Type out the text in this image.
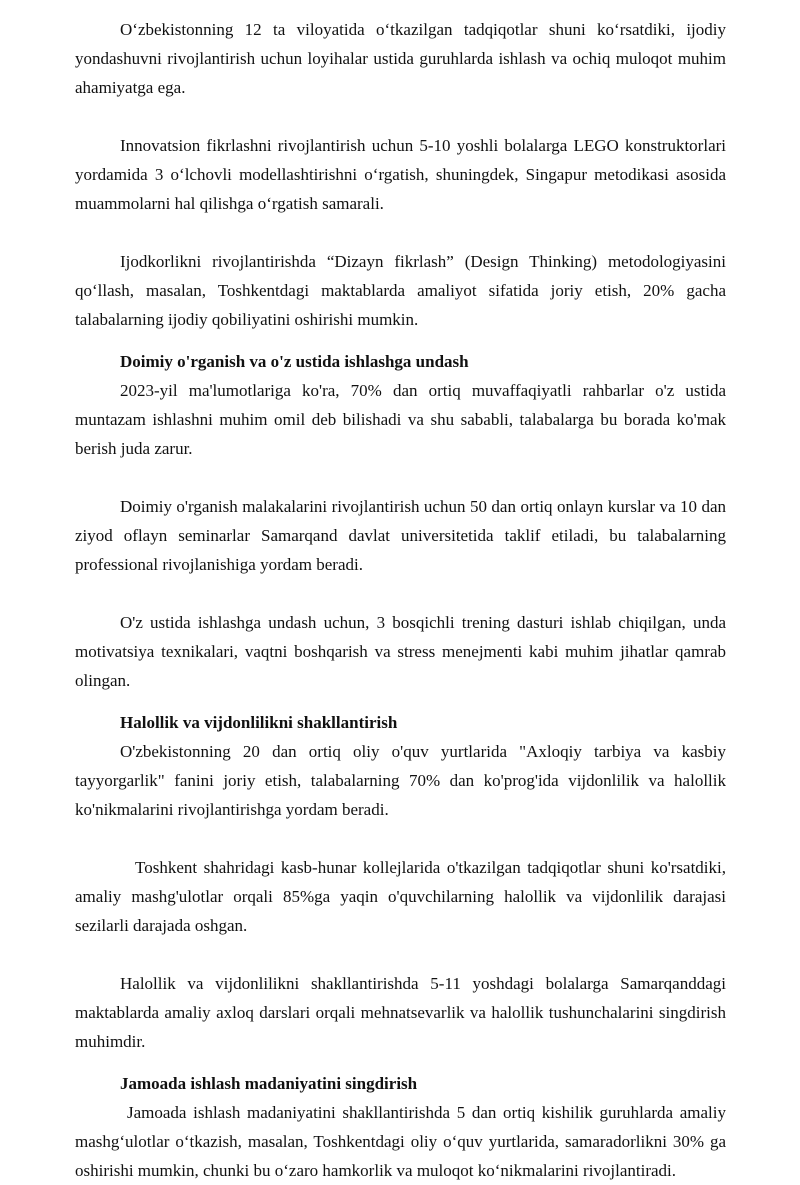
O‘zbekistonning 12 ta viloyatida o‘tkazilgan tadqiqotlar shuni ko‘rsatdiki, ijodiy yondashuvni rivojlantirish uchun loyihalar ustida guruhlarda ishlash va ochiq muloqot muhim ahamiyatga ega.

Innovatsion fikrlashni rivojlantirish uchun 5-10 yoshli bolalarga LEGO konstruktorlari yordamida 3 o‘lchovli modellashtirishni o‘rgatish, shuningdek, Singapur metodikasi asosida muammolarni hal qilishga o‘rgatish samarali.

Ijodkorlikni rivojlantirishda “Dizayn fikrlash” (Design Thinking) metodologiyasini qo‘llash, masalan, Toshkentdagi maktablarda amaliyot sifatida joriy etish, 20% gacha talabalarning ijodiy qobiliyatini oshirishi mumkin.

Doimiy o'rganish va o'z ustida ishlashga undash

2023-yil ma'lumotlariga ko'ra, 70% dan ortiq muvaffaqiyatli rahbarlar o'z ustida muntazam ishlashni muhim omil deb bilishadi va shu sababli, talabalarga bu borada ko'mak berish juda zarur.

Doimiy o'rganish malakalarini rivojlantirish uchun 50 dan ortiq onlayn kurslar va 10 dan ziyod oflayn seminarlar Samarqand davlat universitetida taklif etiladi, bu talabalarning professional rivojlanishiga yordam beradi.

O'z ustida ishlashga undash uchun, 3 bosqichli trening dasturi ishlab chiqilgan, unda motivatsiya texnikalari, vaqtni boshqarish va stress menejmenti kabi muhim jihatlar qamrab olingan.

Halollik va vijdonlilikni shakllantirish

O'zbekistonning 20 dan ortiq oliy o'quv yurtlarida "Axloqiy tarbiya va kasbiy tayyorgarlik" fanini joriy etish, talabalarning 70% dan ko'prog'ida vijdonlilik va halollik ko'nikmalarini rivojlantirishga yordam beradi.

Toshkent shahridagi kasb-hunar kollejlarida o'tkazilgan tadqiqotlar shuni ko'rsatdiki, amaliy mashg'ulotlar orqali 85%ga yaqin o'quvchilarning halollik va vijdonlilik darajasi sezilarli darajada oshgan.

Halollik va vijdonlilikni shakllantirishda 5-11 yoshdagi bolalarga Samarqanddagi maktablarda amaliy axloq darslari orqali mehnatsevarlik va halollik tushunchalarini singdirish muhimdir.

Jamoada ishlash madaniyatini singdirish

Jamoada ishlash madaniyatini shakllantirishda 5 dan ortiq kishilik guruhlarda amaliy mashg‘ulotlar o‘tkazish, masalan, Toshkentdagi oliy o‘quv yurtlarida, samaradorlikni 30% ga oshirishi mumkin, chunki bu o‘zaro hamkorlik va muloqot ko‘nikmalarini rivojlantiradi.
